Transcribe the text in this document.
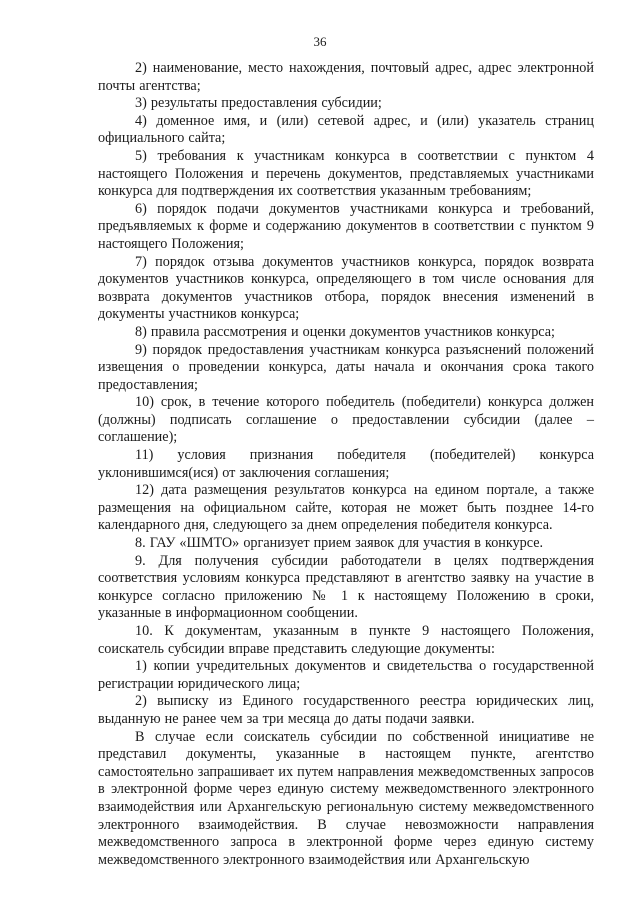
36

2) наименование, место нахождения, почтовый адрес, адрес электронной почты агентства;

3) результаты предоставления субсидии;

4) доменное имя, и (или) сетевой адрес, и (или) указатель страниц официального сайта;

5) требования к участникам конкурса в соответствии с пунктом 4 настоящего Положения и перечень документов, представляемых участниками конкурса для подтверждения их соответствия указанным требованиям;

6) порядок подачи документов участниками конкурса и требований, предъявляемых к форме и содержанию документов в соответствии с пунктом 9 настоящего Положения;

7) порядок отзыва документов участников конкурса, порядок возврата документов участников конкурса, определяющего в том числе основания для возврата документов участников отбора, порядок внесения изменений в документы участников конкурса;

8) правила рассмотрения и оценки документов участников конкурса;

9) порядок предоставления участникам конкурса разъяснений положений извещения о проведении конкурса, даты начала и окончания срока такого предоставления;

10) срок, в течение которого победитель (победители) конкурса должен (должны) подписать соглашение о предоставлении субсидии (далее – соглашение);

11) условия признания победителя (победителей) конкурса уклонившимся(ися) от заключения соглашения;

12) дата размещения результатов конкурса на едином портале, а также размещения на официальном сайте, которая не может быть позднее 14-го календарного дня, следующего за днем определения победителя конкурса.

8. ГАУ «ШМТО» организует прием заявок для участия в конкурсе.

9. Для получения субсидии работодатели в целях подтверждения соответствия условиям конкурса представляют в агентство заявку на участие в конкурсе согласно приложению № 1 к настоящему Положению в сроки, указанные в информационном сообщении.

10. К документам, указанным в пункте 9 настоящего Положения, соискатель субсидии вправе представить следующие документы:

1) копии учредительных документов и свидетельства о государственной регистрации юридического лица;

2) выписку из Единого государственного реестра юридических лиц, выданную не ранее чем за три месяца до даты подачи заявки.

В случае если соискатель субсидии по собственной инициативе не представил документы, указанные в настоящем пункте, агентство самостоятельно запрашивает их путем направления межведомственных запросов в электронной форме через единую систему межведомственного электронного взаимодействия или Архангельскую региональную систему межведомственного электронного взаимодействия. В случае невозможности направления межведомственного запроса в электронной форме через единую систему межведомственного электронного взаимодействия или Архангельскую
